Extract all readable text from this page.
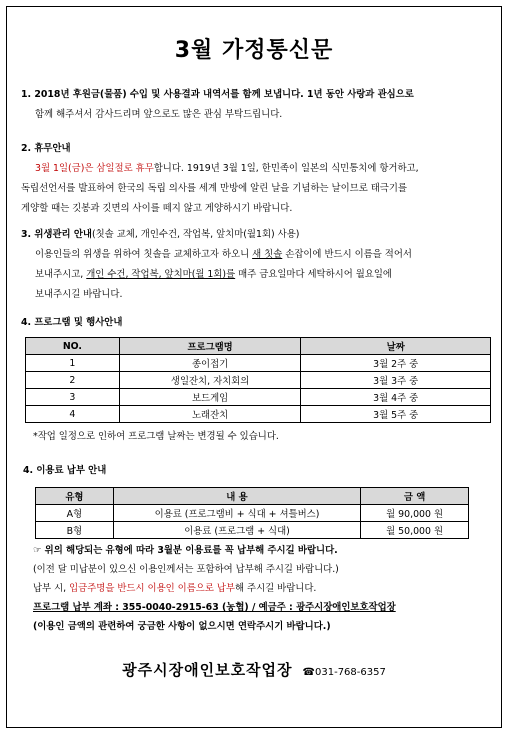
3월 가정통신문
1. 2018년 후원금(물품) 수입 및 사용결과 내역서를 함께 보냅니다. 1년 동안 사랑과 관심으로
함께 해주셔서 감사드리며 앞으로도 많은 관심 부탁드립니다.
2. 휴무안내
3월 1일(금)은 삼일절로 휴무합니다. 1919년 3월 1일, 한민족이 일본의 식민통치에 항거하고,
독립선언서를 발표하여 한국의 독립 의사를 세계 만방에 알린 날을 기념하는 날이므로 태극기를
게양할 때는 깃봉과 깃면의 사이를 떼지 않고 게양하시기 바랍니다.
3. 위생관리 안내(칫솔 교체, 개인수건, 작업복, 앞치마(월1회) 사용)
이용인들의 위생을 위하여 칫솔을 교체하고자 하오니 새 칫솔 손잡이에 반드시 이름을 적어서
보내주시고, 개인 수건, 작업복, 앞치마(월 1회)를 매주 금요일마다 세탁하시어 월요일에
보내주시길 바랍니다.
4. 프로그램 및 행사안내
NO.	프로그램명	날짜
1	종이접기	3월 2주 중
2	생일잔치, 자치회의	3월 3주 중
3	보드게임	3월 4주 중
4	노래잔치	3월 5주 중
*작업 일정으로 인하여 프로그램 날짜는 변경될 수 있습니다.
4. 이용료 납부 안내
유형	내 용	금 액
A형	이용료 (프로그램비 + 식대 + 셔틀버스)	월 90,000 원
B형	이용료 (프로그램 + 식대)	월 50,000 원
☞ 위의 해당되는 유형에 따라 3월분 이용료를 꼭 납부해 주시길 바랍니다.
(이전 달 미납분이 있으신 이용인께서는 포함하여 납부해 주시길 바랍니다.)
납부 시, 입금주명을 반드시 이용인 이름으로 납부해 주시길 바랍니다.
프로그램 납부 계좌 : 355-0040-2915-63 (농협) / 예금주 : 광주시장애인보호작업장
(이용인 금액의 관련하여 궁금한 사항이 없으시면 연락주시기 바랍니다.)
광주시장애인보호작업장 ☎031-768-6357
